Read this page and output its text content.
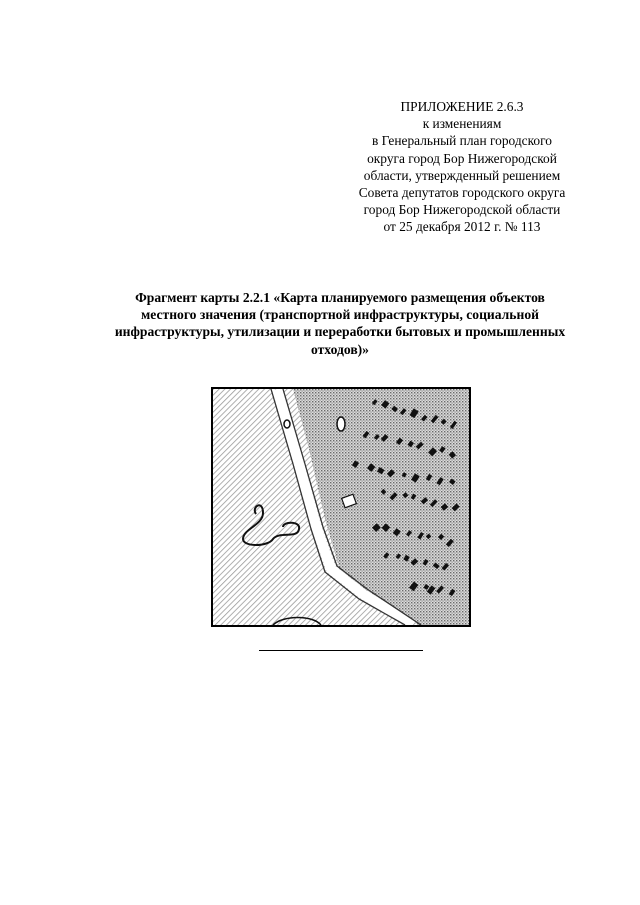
ПРИЛОЖЕНИЕ 2.6.3
к изменениям
в Генеральный план городского
округа город Бор Нижегородской
области, утвержденный решением
Совета депутатов городского округа
город Бор Нижегородской области
от 25 декабря 2012 г. № 113
Фрагмент карты 2.2.1 «Карта планируемого размещения объектов
местного значения (транспортной инфраструктуры, социальной
инфраструктуры, утилизации и переработки бытовых и промышленных
отходов)»
